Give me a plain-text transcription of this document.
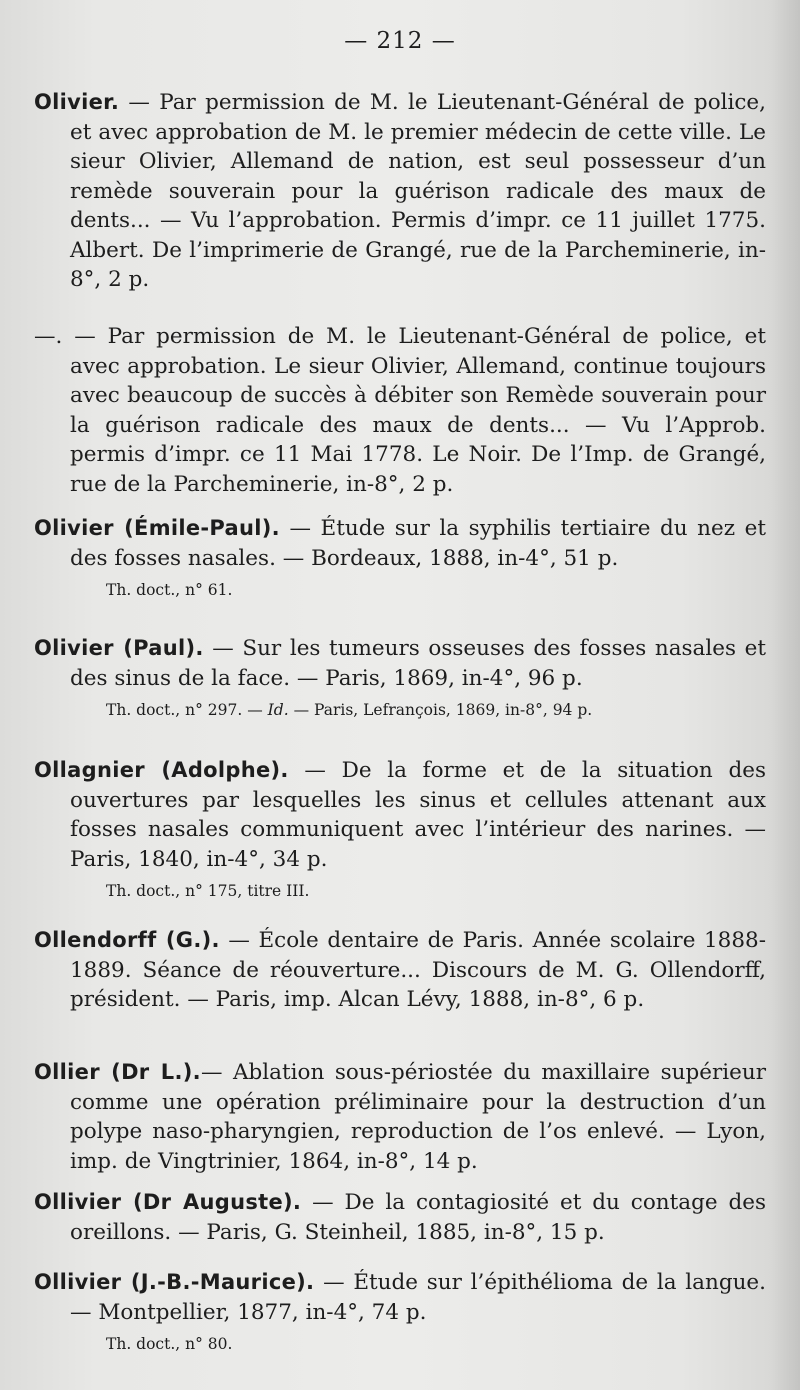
— 212 —

Olivier. — Par permission de M. le Lieutenant-Général de police, et avec approbation de M. le premier médecin de cette ville. Le sieur Olivier, Allemand de nation, est seul possesseur d’un remède souverain pour la guérison radicale des maux de dents... — Vu l’approbation. Permis d’impr. ce 11 juillet 1775. Albert. De l’imprimerie de Grangé, rue de la Parcheminerie, in-8°, 2 p.

—. — Par permission de M. le Lieutenant-Général de police, et avec approbation. Le sieur Olivier, Allemand, continue toujours avec beaucoup de succès à débiter son Remède souverain pour la guérison radicale des maux de dents... — Vu l’Approb. permis d’impr. ce 11 Mai 1778. Le Noir. De l’Imp. de Grangé, rue de la Parcheminerie, in-8°, 2 p.

Olivier (Émile-Paul). — Étude sur la syphilis tertiaire du nez et des fosses nasales. — Bordeaux, 1888, in-4°, 51 p.

Th. doct., n° 61.

Olivier (Paul). — Sur les tumeurs osseuses des fosses nasales et des sinus de la face. — Paris, 1869, in-4°, 96 p.

Th. doct., n° 297. — Id. — Paris, Lefrançois, 1869, in-8°, 94 p.

Ollagnier (Adolphe). — De la forme et de la situation des ouvertures par lesquelles les sinus et cellules attenant aux fosses nasales communiquent avec l’intérieur des narines. — Paris, 1840, in-4°, 34 p.

Th. doct., n° 175, titre III.

Ollendorff (G.). — École dentaire de Paris. Année scolaire 1888-1889. Séance de réouverture... Discours de M. G. Ollendorff, président. — Paris, imp. Alcan Lévy, 1888, in-8°, 6 p.

Ollier (Dr L.).— Ablation sous-périostée du maxillaire supérieur comme une opération préliminaire pour la destruction d’un polype naso-pharyngien, reproduction de l’os enlevé. — Lyon, imp. de Vingtrinier, 1864, in-8°, 14 p.

Ollivier (Dr Auguste). — De la contagiosité et du contage des oreillons. — Paris, G. Steinheil, 1885, in-8°, 15 p.

Ollivier (J.-B.-Maurice). — Étude sur l’épithélioma de la langue. — Montpellier, 1877, in-4°, 74 p.

Th. doct., n° 80.
